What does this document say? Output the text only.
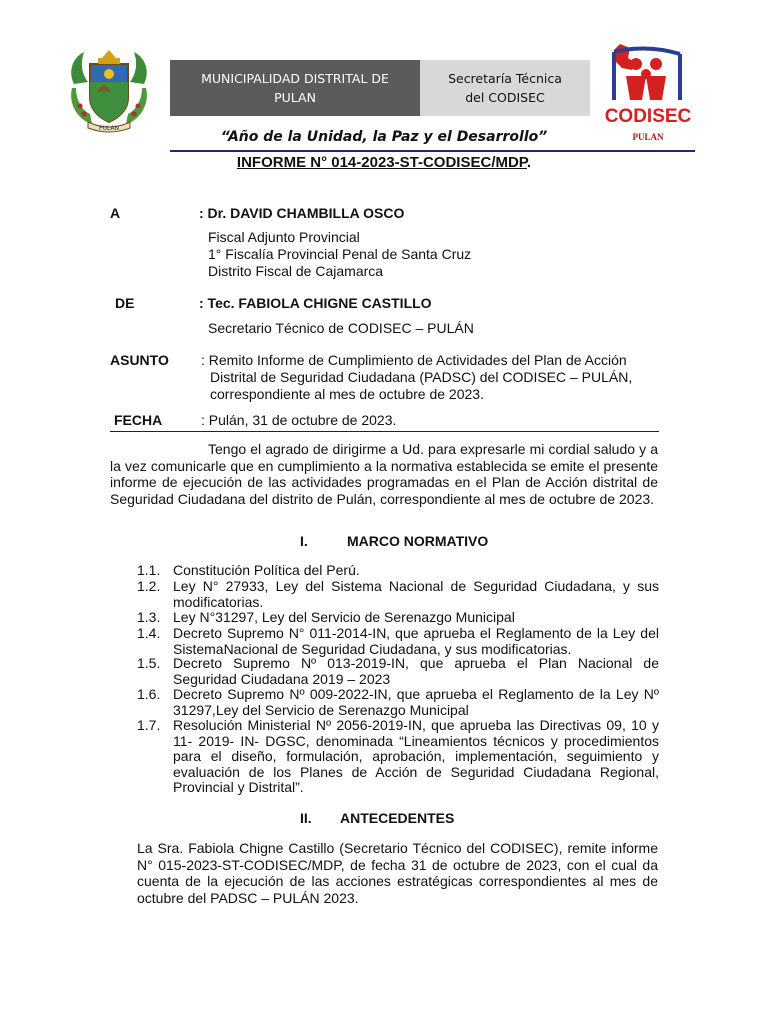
PULAN
MUNICIPALIDAD DISTRITAL DE PULAN
Secretaría Técnica del CODISEC
CODISEC
PULAN
“Año de la Unidad, la Paz y el Desarrollo”
INFORME N° 014-2023-ST-CODISEC/MDP.
A	: Dr. DAVID CHAMBILLA OSCO
Fiscal Adjunto Provincial
1° Fiscalía Provincial Penal de Santa Cruz
Distrito Fiscal de Cajamarca
DE	: Tec. FABIOLA CHIGNE CASTILLO
Secretario Técnico de CODISEC – PULÁN
ASUNTO : Remito Informe de Cumplimiento de Actividades del Plan de Acción
Distrital de Seguridad Ciudadana (PADSC) del CODISEC – PULÁN,
correspondiente al mes de octubre de 2023.
FECHA	: Pulán, 31 de octubre de 2023.
Tengo el agrado de dirigirme a Ud. para expresarle mi cordial saludo y a la vez comunicarle que en cumplimiento a la normativa establecida se emite el presente informe de ejecución de las actividades programadas en el Plan de Acción distrital de Seguridad Ciudadana del distrito de Pulán, correspondiente al mes de octubre de 2023.
I.	MARCO NORMATIVO
1.1. Constitución Política del Perú.
1.2. Ley N° 27933, Ley del Sistema Nacional de Seguridad Ciudadana, y sus modificatorias.
1.3. Ley N°31297, Ley del Servicio de Serenazgo Municipal
1.4. Decreto Supremo N° 011-2014-IN, que aprueba el Reglamento de la Ley del SistemaNacional de Seguridad Ciudadana, y sus modificatorias.
1.5. Decreto Supremo Nº 013-2019-IN, que aprueba el Plan Nacional de Seguridad Ciudadana 2019 – 2023
1.6. Decreto Supremo Nº 009-2022-IN, que aprueba el Reglamento de la Ley Nº 31297,Ley del Servicio de Serenazgo Municipal
1.7. Resolución Ministerial Nº 2056-2019-IN, que aprueba las Directivas 09, 10 y 11- 2019- IN- DGSC, denominada “Lineamientos técnicos y procedimientos para el diseño, formulación, aprobación, implementación, seguimiento y evaluación de los Planes de Acción de Seguridad Ciudadana Regional, Provincial y Distrital”.
II. ANTECEDENTES
La Sra. Fabiola Chigne Castillo (Secretario Técnico del CODISEC), remite informe N° 015-2023-ST-CODISEC/MDP, de fecha 31 de octubre de 2023, con el cual da cuenta de la ejecución de las acciones estratégicas correspondientes al mes de octubre del PADSC – PULÁN 2023.
